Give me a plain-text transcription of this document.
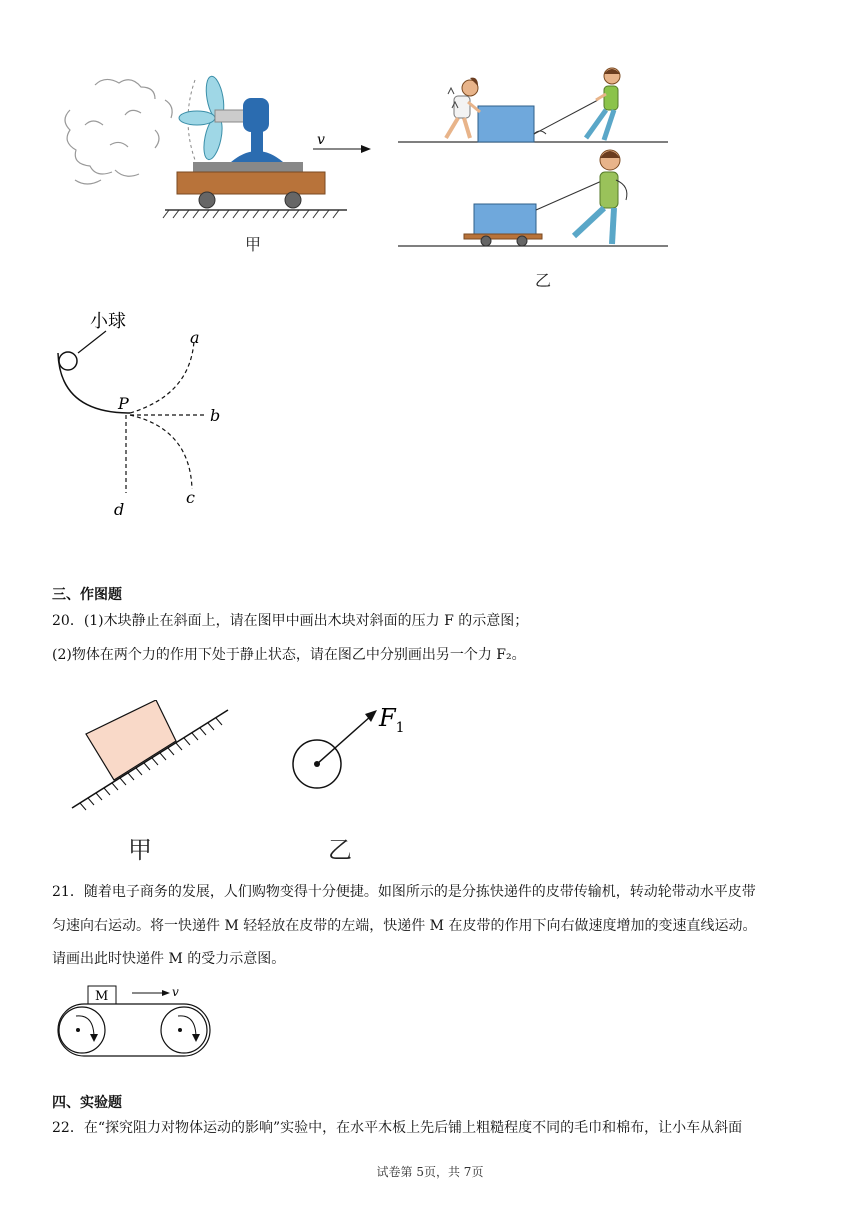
v
甲
乙
小球
P
a
b
c
d
三、作图题
20．(1)木块静止在斜面上，请在图甲中画出木块对斜面的压力 F 的示意图；
(2)物体在两个力的作用下处于静止状态，请在图乙中分别画出另一个力 F₂。
甲
$F_1$
乙
21．随着电子商务的发展，人们购物变得十分便捷。如图所示的是分拣快递件的皮带传输机，转动轮带动水平皮带
匀速向右运动。将一快递件 M 轻轻放在皮带的左端，快递件 M 在皮带的作用下向右做速度增加的变速直线运动。
请画出此时快递件 M 的受力示意图。
M	v
四、实验题
22．在“探究阻力对物体运动的影响”实验中，在水平木板上先后铺上粗糙程度不同的毛巾和棉布，让小车从斜面
试卷第 5页，共 7页
